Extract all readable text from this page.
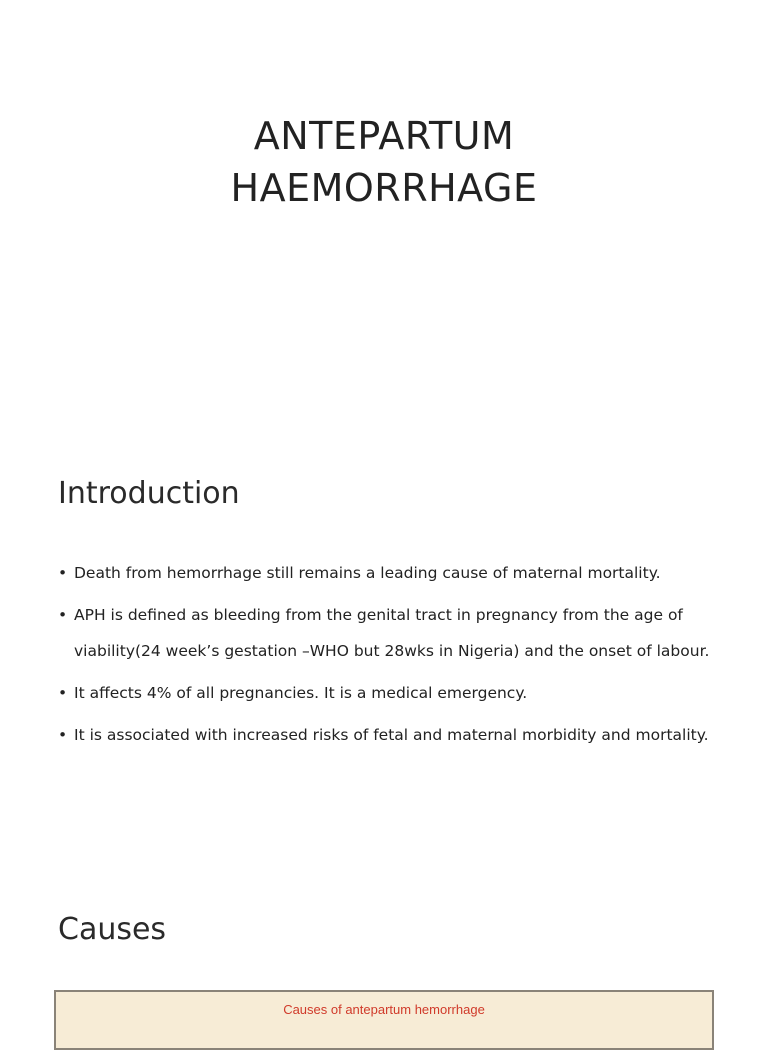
ANTEPARTUM
HAEMORRHAGE
Introduction
• Death from hemorrhage still remains a leading cause of maternal mortality.
• APH is defined as bleeding from the genital tract in pregnancy from the age of viability(24 week’s gestation –WHO but 28wks in Nigeria) and the onset of labour.
• It affects 4% of all pregnancies. It is a medical emergency.
• It is associated with increased risks of fetal and maternal morbidity and mortality.
Causes
Causes of antepartum hemorrhage
